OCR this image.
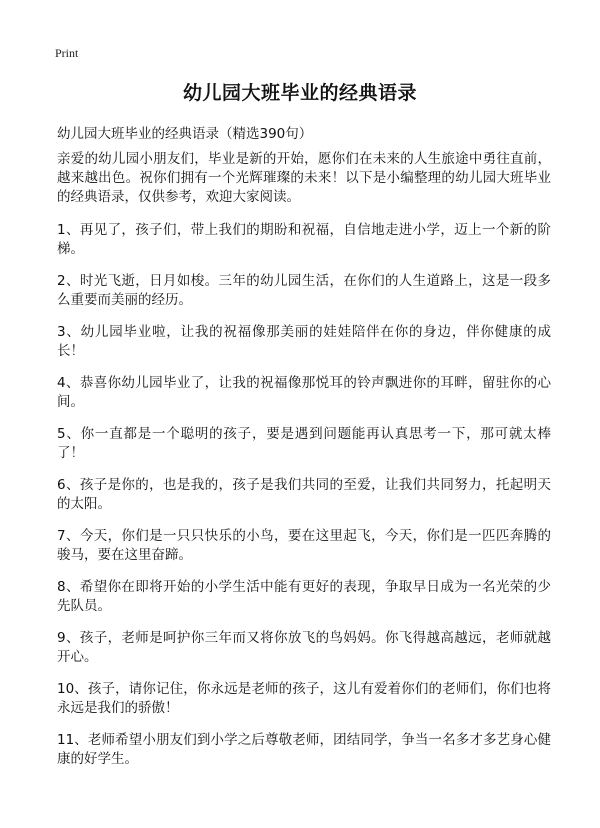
Print
幼儿园大班毕业的经典语录
幼儿园大班毕业的经典语录（精选390句）

亲爱的幼儿园小朋友们，毕业是新的开始，愿你们在未来的人生旅途中勇往直前，越来越出色。祝你们拥有一个光辉璀璨的未来！以下是小编整理的幼儿园大班毕业的经典语录，仅供参考，欢迎大家阅读。

1、再见了，孩子们，带上我们的期盼和祝福，自信地走进小学，迈上一个新的阶梯。

2、时光飞逝，日月如梭。三年的幼儿园生活，在你们的人生道路上，这是一段多么重要而美丽的经历。

3、幼儿园毕业啦，让我的祝福像那美丽的娃娃陪伴在你的身边，伴你健康的成长！

4、恭喜你幼儿园毕业了，让我的祝福像那悦耳的铃声飘进你的耳畔，留驻你的心间。

5、你一直都是一个聪明的孩子，要是遇到问题能再认真思考一下，那可就太棒了！

6、孩子是你的，也是我的，孩子是我们共同的至爱，让我们共同努力，托起明天的太阳。

7、今天，你们是一只只快乐的小鸟，要在这里起飞，今天，你们是一匹匹奔腾的骏马，要在这里奋蹄。

8、希望你在即将开始的小学生活中能有更好的表现，争取早日成为一名光荣的少先队员。

9、孩子，老师是呵护你三年而又将你放飞的鸟妈妈。你飞得越高越远，老师就越开心。

10、孩子，请你记住，你永远是老师的孩子，这儿有爱着你们的老师们，你们也将永远是我们的骄傲！

11、老师希望小朋友们到小学之后尊敬老师，团结同学，争当一名多才多艺身心健康的好学生。
